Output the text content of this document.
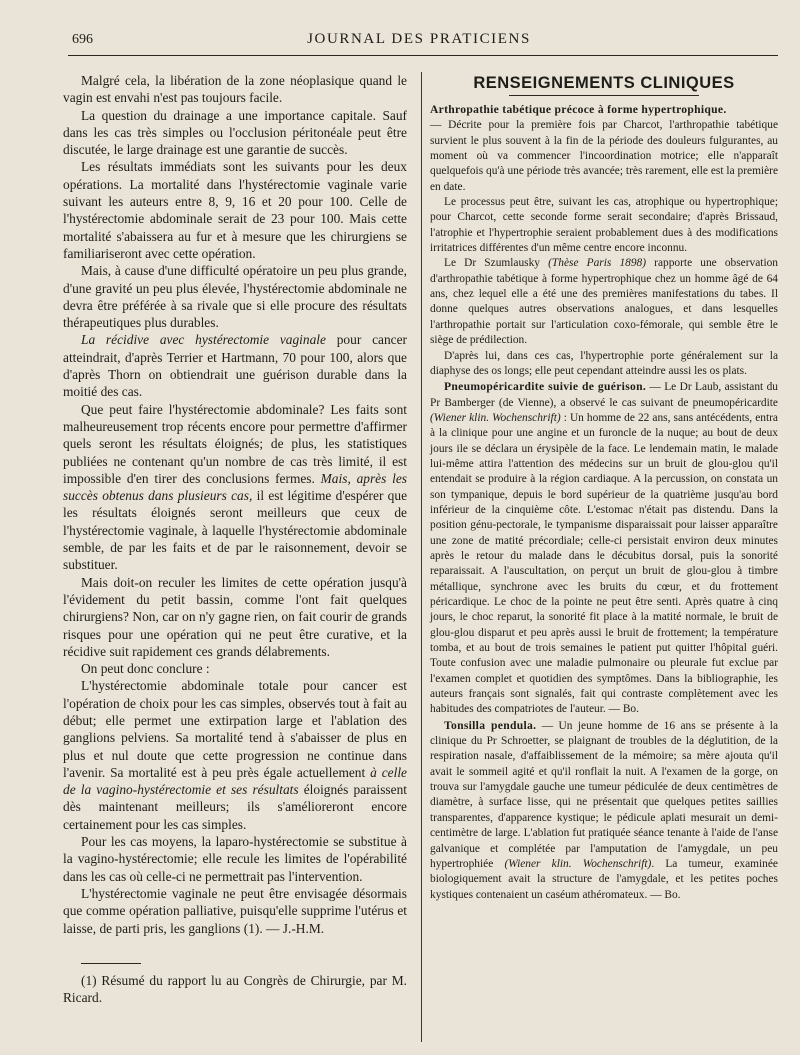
696	JOURNAL DES PRATICIENS

Malgré cela, la libération de la zone néoplasique quand le vagin est envahi n'est pas toujours facile.

La question du drainage a une importance capitale. Sauf dans les cas très simples ou l'occlusion péritonéale peut être discutée, le large drainage est une garantie de succès.

Les résultats immédiats sont les suivants pour les deux opérations. La mortalité dans l'hystérectomie vaginale varie suivant les auteurs entre 8, 9, 16 et 20 pour 100. Celle de l'hystérectomie abdominale serait de 23 pour 100. Mais cette mortalité s'abaissera au fur et à mesure que les chirurgiens se familiariseront avec cette opération.

Mais, à cause d'une difficulté opératoire un peu plus grande, d'une gravité un peu plus élevée, l'hystérectomie abdominale ne devra être préférée à sa rivale que si elle procure des résultats thérapeutiques plus durables.

La récidive avec hystérectomie vaginale pour cancer atteindrait, d'après Terrier et Hartmann, 70 pour 100, alors que d'après Thorn on obtiendrait une guérison durable dans la moitié des cas.

Que peut faire l'hystérectomie abdominale? Les faits sont malheureusement trop récents encore pour permettre d'affirmer quels seront les résultats éloignés; de plus, les statistiques publiées ne contenant qu'un nombre de cas très limité, il est impossible d'en tirer des conclusions fermes. Mais, après les succès obtenus dans plusieurs cas, il est légitime d'espérer que les résultats éloignés seront meilleurs que ceux de l'hystérectomie vaginale, à laquelle l'hystérectomie abdominale semble, de par les faits et de par le raisonnement, devoir se substituer.

Mais doit-on reculer les limites de cette opération jusqu'à l'évidement du petit bassin, comme l'ont fait quelques chirurgiens? Non, car on n'y gagne rien, on fait courir de grands risques pour une opération qui ne peut être curative, et la récidive suit rapidement ces grands délabrements.

On peut donc conclure :

L'hystérectomie abdominale totale pour cancer est l'opération de choix pour les cas simples, observés tout à fait au début; elle permet une extirpation large et l'ablation des ganglions pelviens. Sa mortalité tend à s'abaisser de plus en plus et nul doute que cette progression ne continue dans l'avenir. Sa mortalité est à peu près égale actuellement à celle de la vagino-hystérectomie et ses résultats éloignés paraissent dès maintenant meilleurs; ils s'amélioreront encore certainement pour les cas simples.

Pour les cas moyens, la laparo-hystérectomie se substitue à la vagino-hystérectomie; elle recule les limites de l'opérabilité dans les cas où celle-ci ne permettrait pas l'intervention.

L'hystérectomie vaginale ne peut être envisagée désormais que comme opération palliative, puisqu'elle supprime l'utérus et laisse, de parti pris, les ganglions (1). — J.-H.M.

(1) Résumé du rapport lu au Congrès de Chirurgie, par M. Ricard.

RENSEIGNEMENTS CLINIQUES

Arthropathie tabétique précoce à forme hypertrophique.

— Décrite pour la première fois par Charcot, l'arthropathie tabétique survient le plus souvent à la fin de la période des douleurs fulgurantes, au moment où va commencer l'incoordination motrice; elle n'apparaît quelquefois qu'à une période très avancée; très rarement, elle est la première en date.

Le processus peut être, suivant les cas, atrophique ou hypertrophique; pour Charcot, cette seconde forme serait secondaire; d'après Brissaud, l'atrophie et l'hypertrophie seraient probablement dues à des modifications irritatrices différentes d'un même centre encore inconnu.

Le Dr Szumlausky (Thèse Paris 1898) rapporte une observation d'arthropathie tabétique à forme hypertrophique chez un homme âgé de 64 ans, chez lequel elle a été une des premières manifestations du tabes. Il donne quelques autres observations analogues, et dans lesquelles l'arthropathie portait sur l'articulation coxo-fémorale, qui semble être le siège de prédilection.

D'après lui, dans ces cas, l'hypertrophie porte généralement sur la diaphyse des os longs; elle peut cependant atteindre aussi les os plats.

Pneumopéricardite suivie de guérison. — Le Dr Laub, assistant du Pr Bamberger (de Vienne), a observé le cas suivant de pneumopéricardite (Wiener klin. Wochenschrift) : Un homme de 22 ans, sans antécédents, entra à la clinique pour une angine et un furoncle de la nuque; au bout de deux jours ile se déclara un érysipèle de la face. Le lendemain matin, le malade lui-même attira l'attention des médecins sur un bruit de glou-glou qu'il entendait se produire à la région cardiaque. A la percussion, on constata un son tympanique, depuis le bord supérieur de la quatrième jusqu'au bord inférieur de la cinquième côte. L'estomac n'était pas distendu. Dans la position génu-pectorale, le tympanisme disparaissait pour laisser apparaître une zone de matité précordiale; celle-ci persistait environ deux minutes après le retour du malade dans le décubitus dorsal, puis la sonorité reparaissait. A l'auscultation, on perçut un bruit de glou-glou à timbre métallique, synchrone avec les bruits du cœur, et du frottement péricardique. Le choc de la pointe ne peut être senti. Après quatre à cinq jours, le choc reparut, la sonorité fit place à la matité normale, le bruit de glou-glou disparut et peu après aussi le bruit de frottement; la température tomba, et au bout de trois semaines le patient put quitter l'hôpital guéri. Toute confusion avec une maladie pulmonaire ou pleurale fut exclue par l'examen complet et quotidien des symptômes. Dans la bibliographie, les auteurs français sont signalés, fait qui contraste complètement avec les habitudes des compatriotes de l'auteur. — Bo.

Tonsilla pendula. — Un jeune homme de 16 ans se présente à la clinique du Pr Schroetter, se plaignant de troubles de la déglutition, de la respiration nasale, d'affaiblissement de la mémoire; sa mère ajouta qu'il avait le sommeil agité et qu'il ronflait la nuit. A l'examen de la gorge, on trouva sur l'amygdale gauche une tumeur pédiculée de deux centimètres de diamètre, à surface lisse, qui ne présentait que quelques petites saillies transparentes, d'apparence kystique; le pédicule aplati mesurait un demi-centimètre de large. L'ablation fut pratiquée séance tenante à l'aide de l'anse galvanique et complétée par l'amputation de l'amygdale, un peu hypertrophiée (Wiener klin. Wochenschrift). La tumeur, examinée biologiquement avait la structure de l'amygdale, et les petites poches kystiques contenaient un caséum athéromateux. — Bo.
